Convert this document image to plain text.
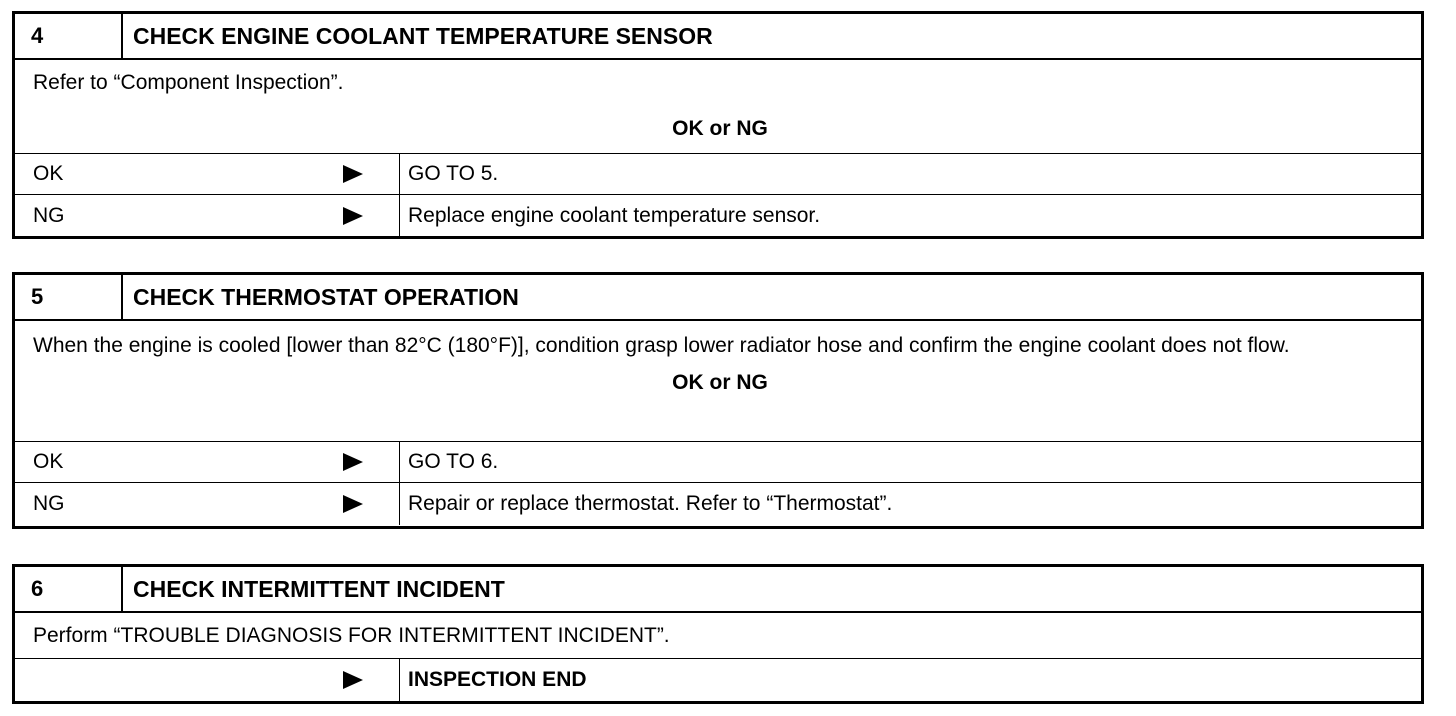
4	CHECK ENGINE COOLANT TEMPERATURE SENSOR
Refer to “Component Inspection”.
OK or NG
OK	GO TO 5.
NG	Replace engine coolant temperature sensor.
5	CHECK THERMOSTAT OPERATION
When the engine is cooled [lower than 82°C (180°F)], condition grasp lower radiator hose and confirm the engine coolant does not flow.
OK or NG
OK	GO TO 6.
NG	Repair or replace thermostat. Refer to “Thermostat”.
6	CHECK INTERMITTENT INCIDENT
Perform “TROUBLE DIAGNOSIS FOR INTERMITTENT INCIDENT”.
INSPECTION END
